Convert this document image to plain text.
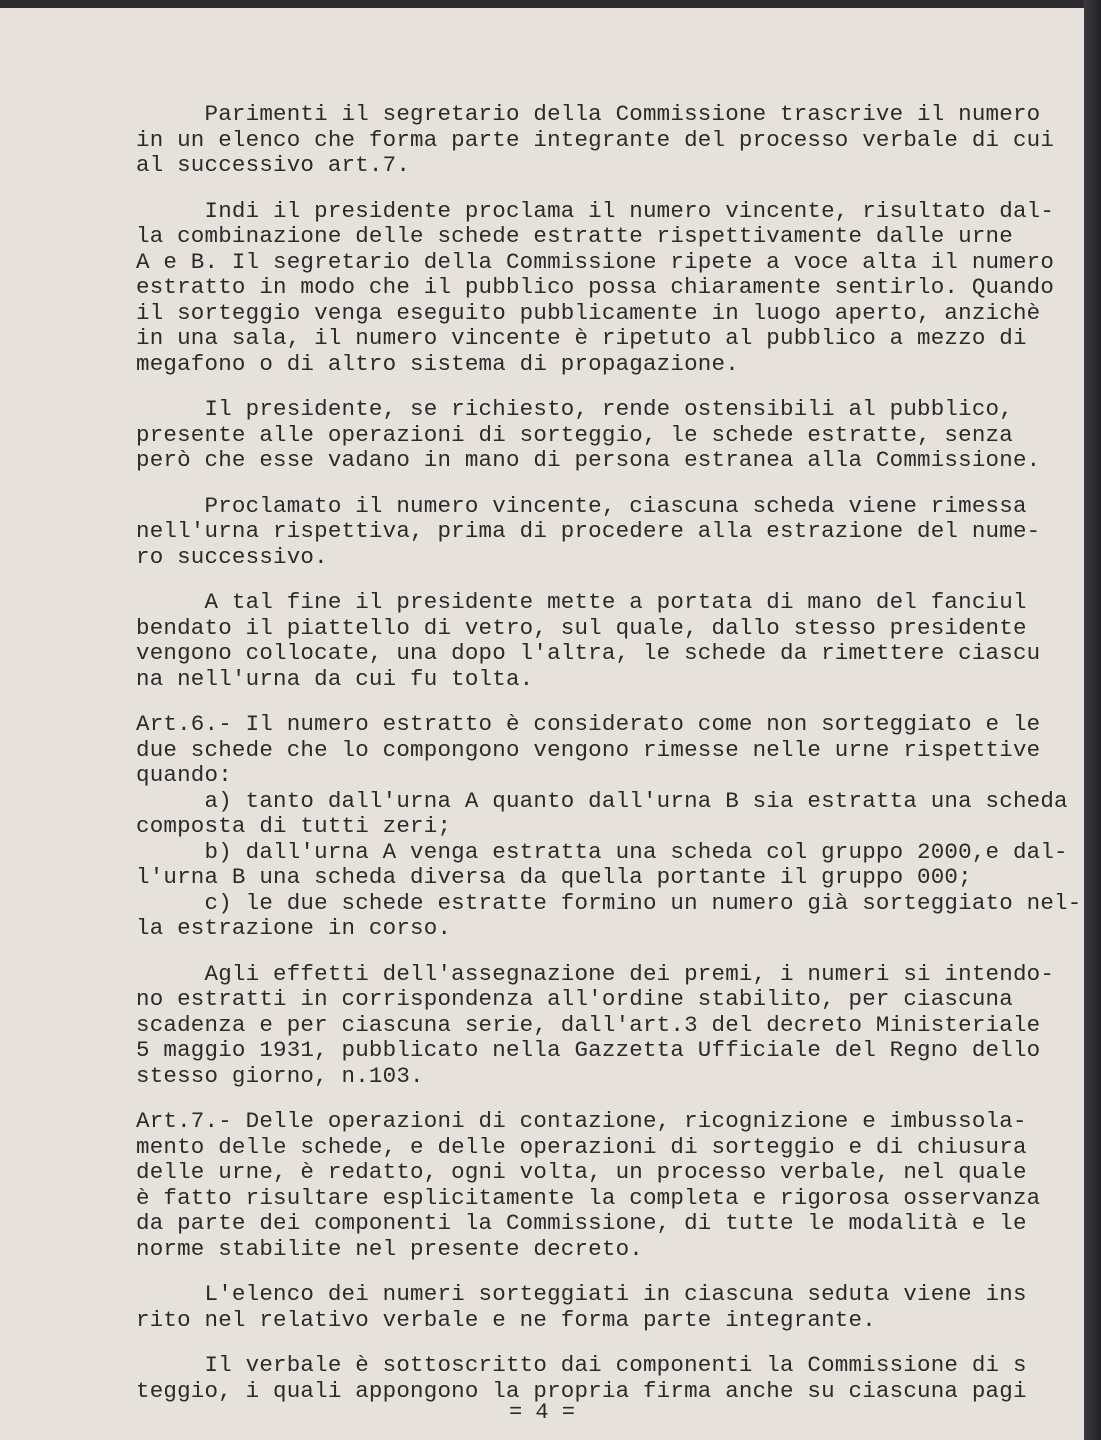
Parimenti il segretario della Commissione trascrive il numero
in un elenco che forma parte integrante del processo verbale di cui
al successivo art.7.
Indi il presidente proclama il numero vincente, risultato dal-
la combinazione delle schede estratte rispettivamente dalle urne
A e B. Il segretario della Commissione ripete a voce alta il numero
estratto in modo che il pubblico possa chiaramente sentirlo. Quando
il sorteggio venga eseguito pubblicamente in luogo aperto, anzichè
in una sala, il numero vincente è ripetuto al pubblico a mezzo di
megafono o di altro sistema di propagazione.
Il presidente, se richiesto, rende ostensibili al pubblico,
presente alle operazioni di sorteggio, le schede estratte, senza
però che esse vadano in mano di persona estranea alla Commissione.
Proclamato il numero vincente, ciascuna scheda viene rimessa
nell'urna rispettiva, prima di procedere alla estrazione del nume-
ro successivo.
A tal fine il presidente mette a portata di mano del fanciul
bendato il piattello di vetro, sul quale, dallo stesso presidente
vengono collocate, una dopo l'altra, le schede da rimettere ciascu
na nell'urna da cui fu tolta.
Art.6.- Il numero estratto è considerato come non sorteggiato e le
due schede che lo compongono vengono rimesse nelle urne rispettive
quando:
a) tanto dall'urna A quanto dall'urna B sia estratta una scheda
composta di tutti zeri;
b) dall'urna A venga estratta una scheda col gruppo 2000,e dal-
l'urna B una scheda diversa da quella portante il gruppo 000;
c) le due schede estratte formino un numero già sorteggiato nel-
la estrazione in corso.
Agli effetti dell'assegnazione dei premi, i numeri si intendo-
no estratti in corrispondenza all'ordine stabilito, per ciascuna
scadenza e per ciascuna serie, dall'art.3 del decreto Ministeriale
5 maggio 1931, pubblicato nella Gazzetta Ufficiale del Regno dello
stesso giorno, n.103.
Art.7.- Delle operazioni di contazione, ricognizione e imbussola-
mento delle schede, e delle operazioni di sorteggio e di chiusura
delle urne, è redatto, ogni volta, un processo verbale, nel quale
è fatto risultare esplicitamente la completa e rigorosa osservanza
da parte dei componenti la Commissione, di tutte le modalità e le
norme stabilite nel presente decreto.
L'elenco dei numeri sorteggiati in ciascuna seduta viene ins
rito nel relativo verbale e ne forma parte integrante.
Il verbale è sottoscritto dai componenti la Commissione di s
teggio, i quali appongono la propria firma anche su ciascuna pagi
= 4 =
